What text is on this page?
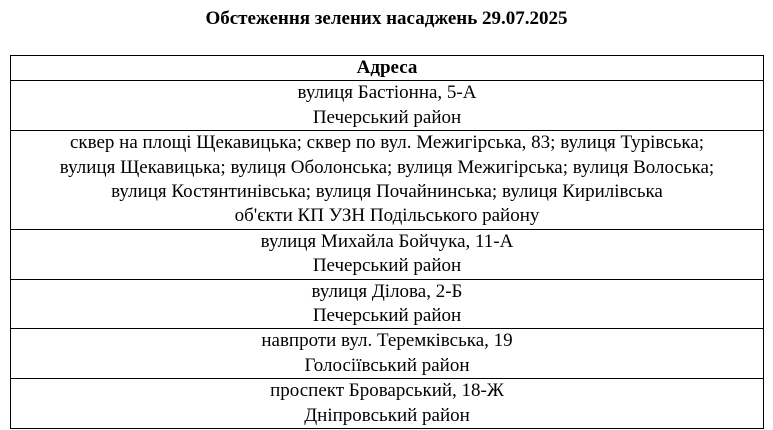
Обстеження зелених насаджень 29.07.2025
Адреса

вулиця Бастіонна, 5-А
Печерський район

сквер на площі Щекавицька; сквер по вул. Межигірська, 83; вулиця Турівська;
вулиця Щекавицька; вулиця Оболонська; вулиця Межигірська; вулиця Волоська;
вулиця Костянтинівська; вулиця Почайнинська; вулиця Кирилівська
об'єкти КП УЗН Подільського району

вулиця Михайла Бойчука, 11-А
Печерський район

вулиця Ділова, 2-Б
Печерський район

навпроти вул. Теремківська, 19
Голосіївський район

проспект Броварський, 18-Ж
Дніпровський район
